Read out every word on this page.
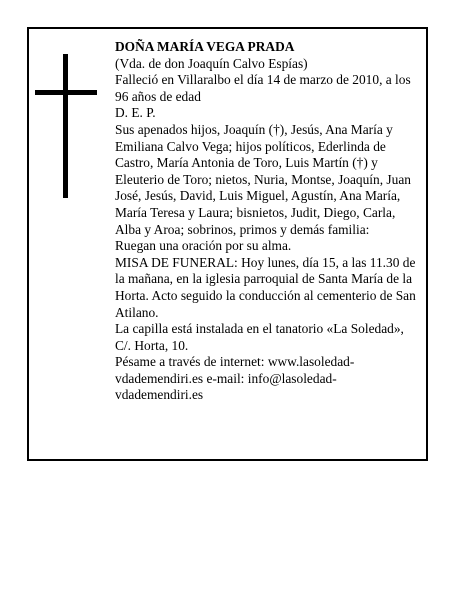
DOÑA MARÍA VEGA PRADA

(Vda. de don Joaquín Calvo Espías)

Falleció en Villaralbo el día 14 de marzo de 2010, a los 96 años de edad

D. E. P.

Sus apenados hijos, Joaquín (†), Jesús, Ana María y Emiliana Calvo Vega; hijos políticos, Ederlinda de Castro, María Antonia de Toro, Luis Martín (†) y Eleuterio de Toro; nietos, Nuria, Montse, Joaquín, Juan José, Jesús, David, Luis Miguel, Agustín, Ana María, María Teresa y Laura; bisnietos, Judit, Diego, Carla, Alba y Aroa; sobrinos, primos y demás familia:

Ruegan una oración por su alma.

MISA DE FUNERAL: Hoy lunes, día 15, a las 11.30 de la mañana, en la iglesia parroquial de Santa María de la Horta. Acto seguido la conducción al cementerio de San Atilano.

La capilla está instalada en el tanatorio «La Soledad», C/. Horta, 10.

Pésame a través de internet: www.lasoledad-vdademendiri.es e-mail: info@lasoledad-vdademendiri.es
